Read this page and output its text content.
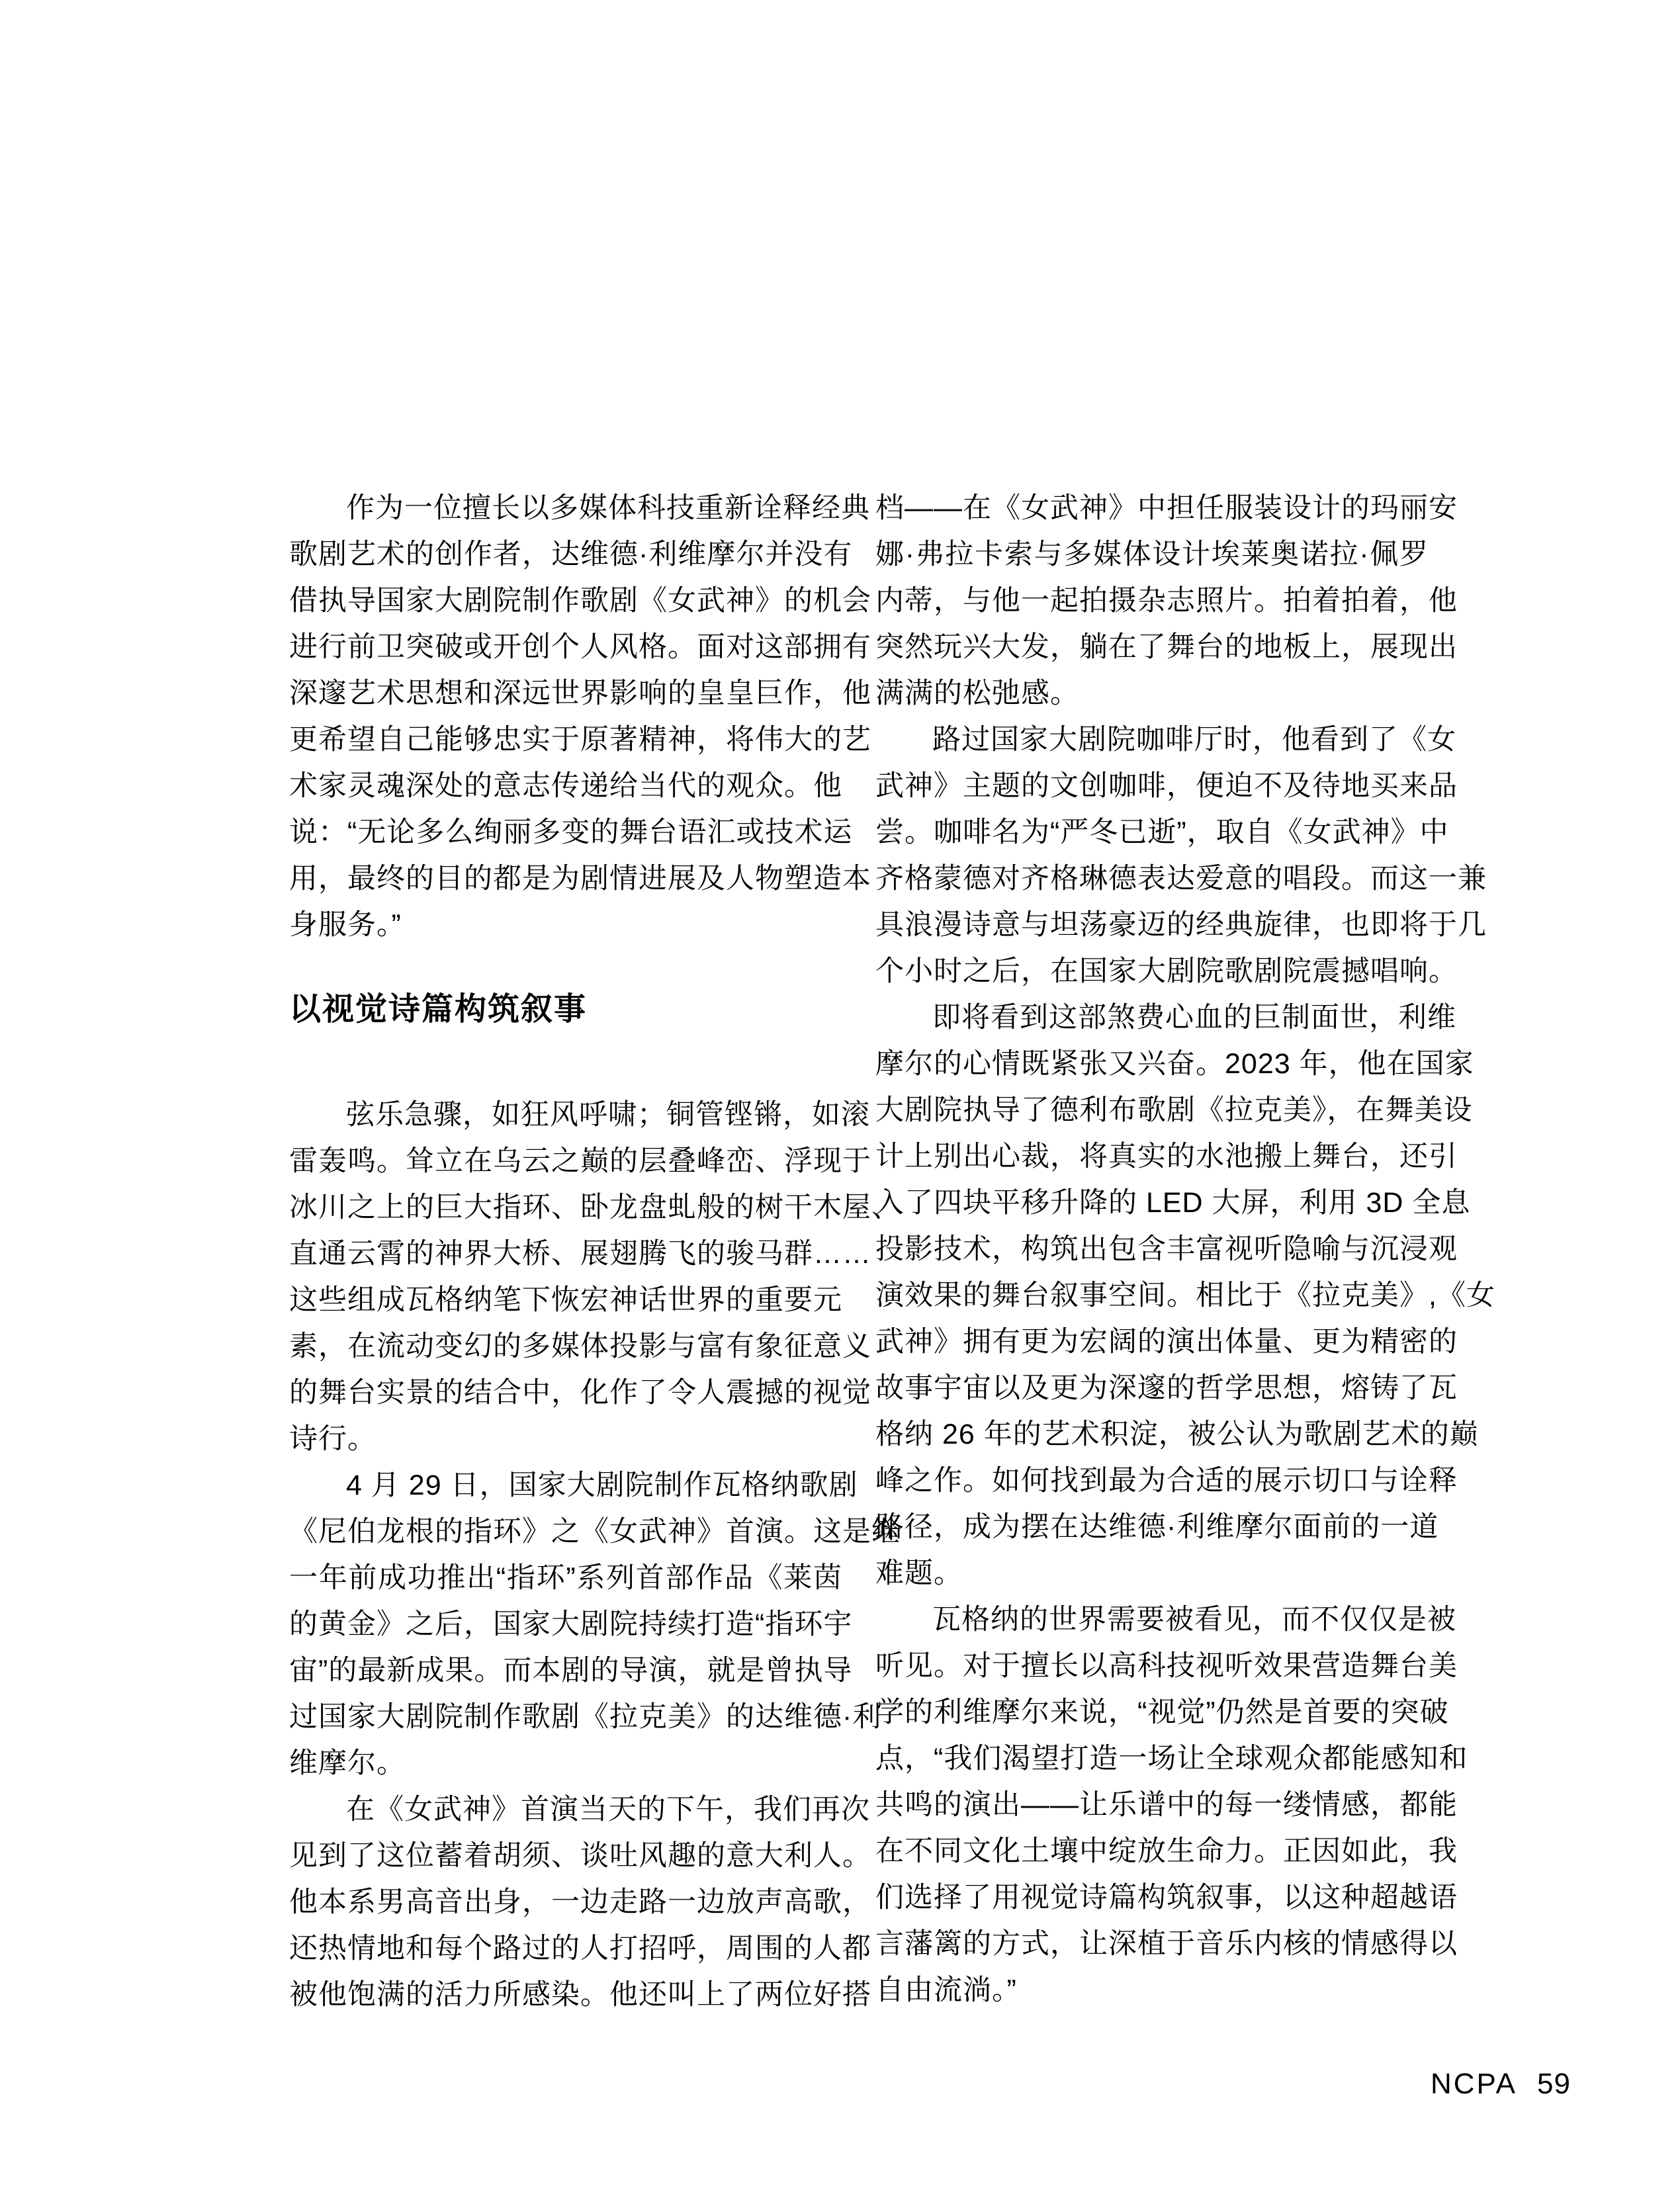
作为一位擅长以多媒体科技重新诠释经典
歌剧艺术的创作者，达维德·利维摩尔并没有
借执导国家大剧院制作歌剧《女武神》的机会
进行前卫突破或开创个人风格。面对这部拥有
深邃艺术思想和深远世界影响的皇皇巨作，他
更希望自己能够忠实于原著精神，将伟大的艺
术家灵魂深处的意志传递给当代的观众。他
说：“无论多么绚丽多变的舞台语汇或技术运
用，最终的目的都是为剧情进展及人物塑造本
身服务。”
以视觉诗篇构筑叙事
弦乐急骤，如狂风呼啸；铜管铿锵，如滚
雷轰鸣。耸立在乌云之巅的层叠峰峦、浮现于
冰川之上的巨大指环、卧龙盘虬般的树干木屋、
直通云霄的神界大桥、展翅腾飞的骏马群……
这些组成瓦格纳笔下恢宏神话世界的重要元
素，在流动变幻的多媒体投影与富有象征意义
的舞台实景的结合中，化作了令人震撼的视觉
诗行。
4 月 29 日，国家大剧院制作瓦格纳歌剧
《尼伯龙根的指环》之《女武神》首演。这是继
一年前成功推出“指环”系列首部作品《莱茵
的黄金》之后，国家大剧院持续打造“指环宇
宙”的最新成果。而本剧的导演，就是曾执导
过国家大剧院制作歌剧《拉克美》的达维德·利
维摩尔。
在《女武神》首演当天的下午，我们再次
见到了这位蓄着胡须、谈吐风趣的意大利人。
他本系男高音出身，一边走路一边放声高歌，
还热情地和每个路过的人打招呼，周围的人都
被他饱满的活力所感染。他还叫上了两位好搭
档——在《女武神》中担任服装设计的玛丽安
娜·弗拉卡索与多媒体设计埃莱奥诺拉·佩罗
内蒂，与他一起拍摄杂志照片。拍着拍着，他
突然玩兴大发，躺在了舞台的地板上，展现出
满满的松弛感。
路过国家大剧院咖啡厅时，他看到了《女
武神》主题的文创咖啡，便迫不及待地买来品
尝。咖啡名为“严冬已逝”，取自《女武神》中
齐格蒙德对齐格琳德表达爱意的唱段。而这一兼
具浪漫诗意与坦荡豪迈的经典旋律，也即将于几
个小时之后，在国家大剧院歌剧院震撼唱响。
即将看到这部煞费心血的巨制面世，利维
摩尔的心情既紧张又兴奋。2023 年，他在国家
大剧院执导了德利布歌剧《拉克美》，在舞美设
计上别出心裁，将真实的水池搬上舞台，还引
入了四块平移升降的 LED 大屏，利用 3D 全息
投影技术，构筑出包含丰富视听隐喻与沉浸观
演效果的舞台叙事空间。相比于《拉克美》,《女
武神》拥有更为宏阔的演出体量、更为精密的
故事宇宙以及更为深邃的哲学思想，熔铸了瓦
格纳 26 年的艺术积淀，被公认为歌剧艺术的巅
峰之作。如何找到最为合适的展示切口与诠释
路径，成为摆在达维德·利维摩尔面前的一道
难题。
瓦格纳的世界需要被看见，而不仅仅是被
听见。对于擅长以高科技视听效果营造舞台美
学的利维摩尔来说，“视觉”仍然是首要的突破
点，“我们渴望打造一场让全球观众都能感知和
共鸣的演出——让乐谱中的每一缕情感，都能
在不同文化土壤中绽放生命力。正因如此，我
们选择了用视觉诗篇构筑叙事，以这种超越语
言藩篱的方式，让深植于音乐内核的情感得以
自由流淌。”
NCPA 59
